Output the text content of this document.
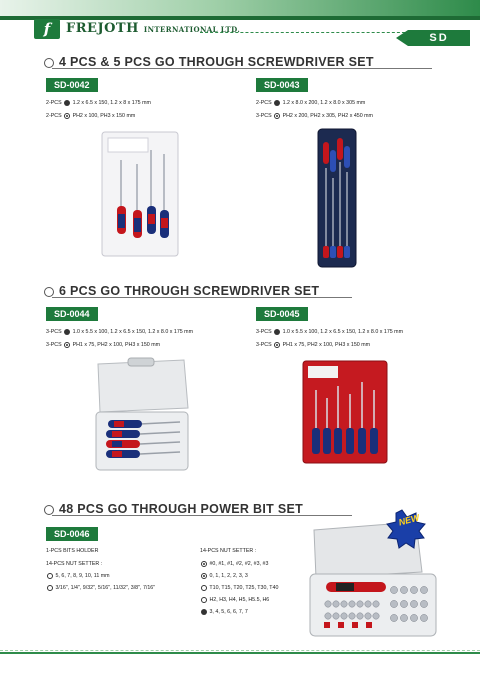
f	FREJOTH INTERNATIONAL LTD.
SD
4 PCS & 5 PCS GO THROUGH SCREWDRIVER SET
SD-0042
2-PCS 1.2 x 6.5 x 150, 1.2 x 8 x 175 mm
2-PCS PH2 x 100, PH3 x 150 mm
SD-0043
2-PCS 1.2 x 8.0 x 200, 1.2 x 8.0 x 305 mm
3-PCS PH2 x 200, PH2 x 305, PH2 x 450 mm
6 PCS GO THROUGH SCREWDRIVER SET
SD-0044
3-PCS 1.0 x 5.5 x 100, 1.2 x 6.5 x 150, 1.2 x 8.0 x 175 mm
3-PCS PH1 x 75, PH2 x 100, PH3 x 150 mm
SD-0045
3-PCS 1.0 x 5.5 x 100, 1.2 x 6.5 x 150, 1.2 x 8.0 x 175 mm
3-PCS PH1 x 75, PH2 x 100, PH3 x 150 mm
48 PCS GO THROUGH POWER BIT SET
SD-0046
1-PCS BITS HOLDER
14-PCS NUT SETTER :
5, 6, 7, 8, 9, 10, 11 mm
3/16", 1/4", 9/32", 5/16", 11/32", 3/8", 7/16"
14-PCS NUT SETTER :
#0, #1, #1, #2, #2, #3, #3
0, 1, 1, 2, 2, 3, 3
T10, T15, T20, T25, T30, T40
H2, H3, H4, H5, H5.5, H6
3, 4, 5, 6, 6, 7, 7
NEW
